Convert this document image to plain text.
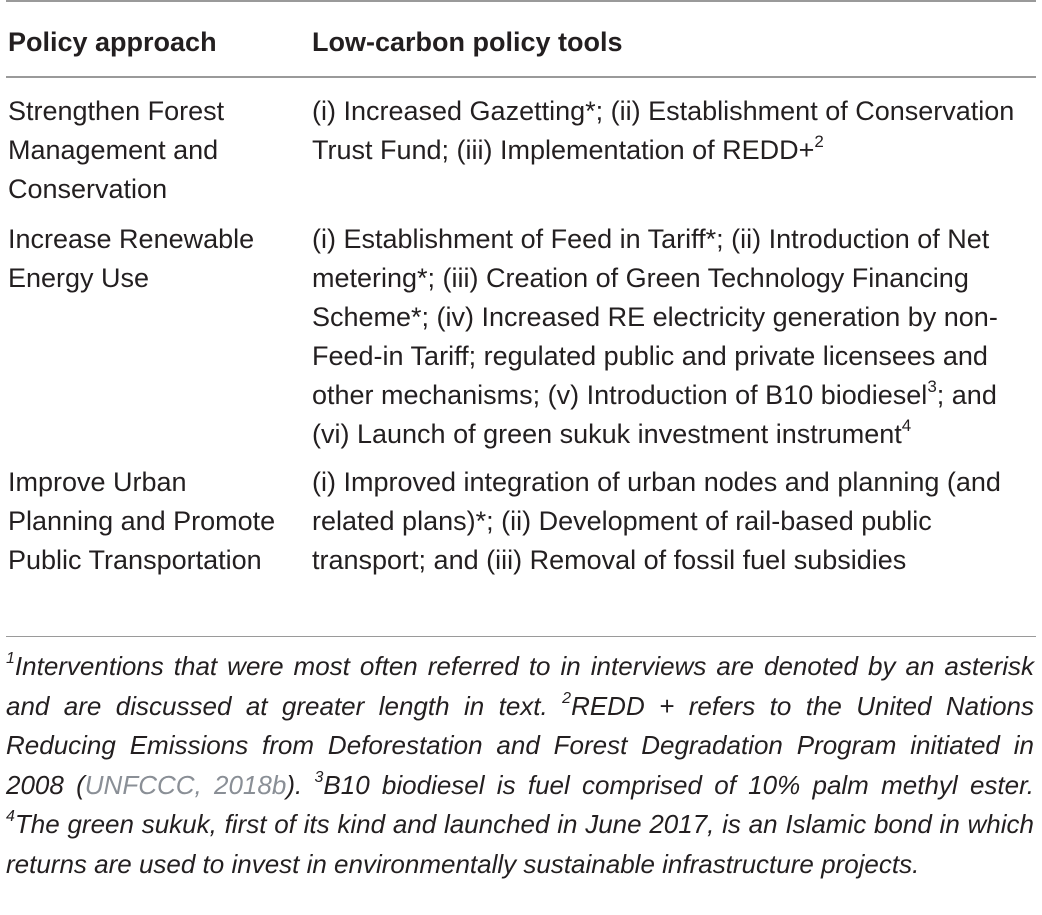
Policy approach	Low-carbon policy tools
Strengthen Forest Management and Conservation
(i) Increased Gazetting*; (ii) Establishment of Conservation Trust Fund; (iii) Implementation of REDD+$^2$
Increase Renewable Energy Use
(i) Establishment of Feed in Tariff*; (ii) Introduction of Net metering*; (iii) Creation of Green Technology Financing Scheme*; (iv) Increased RE electricity generation by non-Feed-in Tariff; regulated public and private licensees and other mechanisms; (v) Introduction of B10 biodiesel$^3$; and (vi) Launch of green sukuk investment instrument$^4$
Improve Urban Planning and Promote Public Transportation
(i) Improved integration of urban nodes and planning (and related plans)*; (ii) Development of rail-based public transport; and (iii) Removal of fossil fuel subsidies
$^1$Interventions that were most often referred to in interviews are denoted by an asterisk and are discussed at greater length in text. $^2$REDD + refers to the United Nations Reducing Emissions from Deforestation and Forest Degradation Program initiated in 2008 (UNFCCC, 2018b). $^3$B10 biodiesel is fuel comprised of 10% palm methyl ester. $^4$The green sukuk, first of its kind and launched in June 2017, is an Islamic bond in which returns are used to invest in environmentally sustainable infrastructure projects.
